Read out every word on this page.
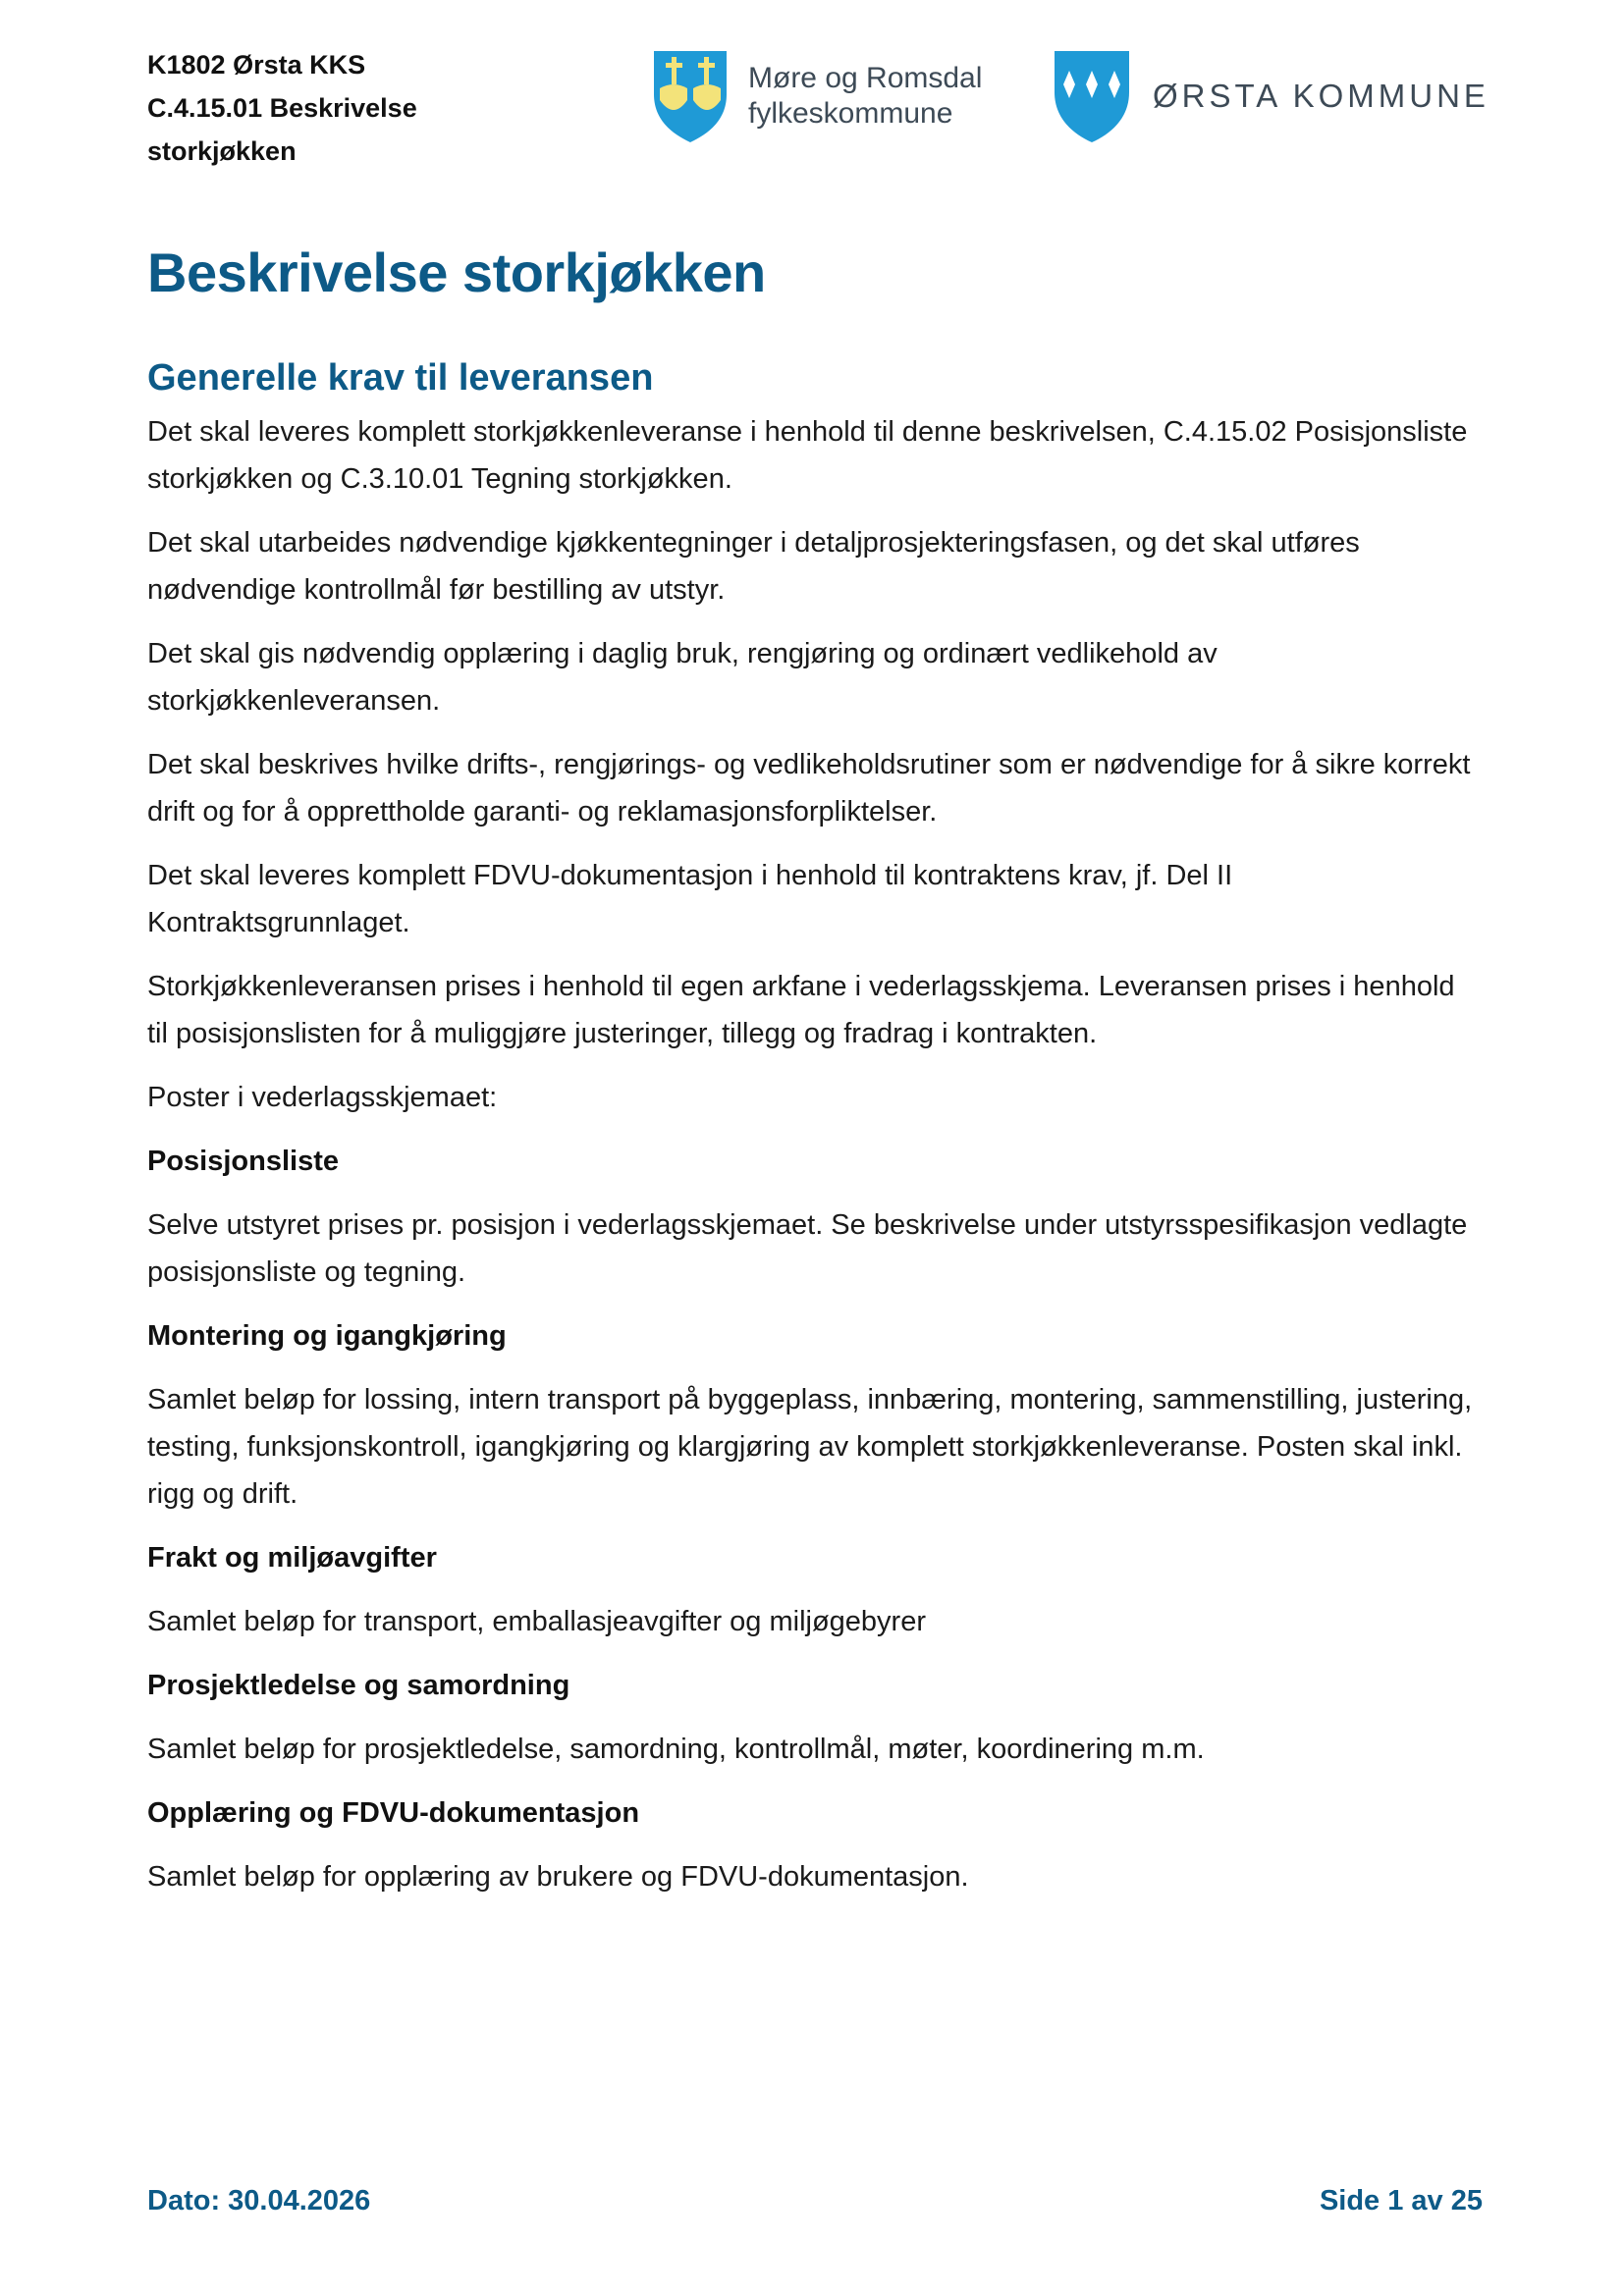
K1802 Ørsta KKS
C.4.15.01 Beskrivelse
storkjøkken
Møre og Romsdal
fylkeskommune	ØRSTA KOMMUNE
Beskrivelse storkjøkken
Generelle krav til leveransen

Det skal leveres komplett storkjøkkenleveranse i henhold til denne beskrivelsen, C.4.15.02 Posisjonsliste storkjøkken og C.3.10.01 Tegning storkjøkken.

Det skal utarbeides nødvendige kjøkkentegninger i detaljprosjekteringsfasen, og det skal utføres nødvendige kontrollmål før bestilling av utstyr.

Det skal gis nødvendig opplæring i daglig bruk, rengjøring og ordinært vedlikehold av storkjøkkenleveransen.

Det skal beskrives hvilke drifts-, rengjørings- og vedlikeholdsrutiner som er nødvendige for å sikre korrekt drift og for å opprettholde garanti- og reklamasjonsforpliktelser.

Det skal leveres komplett FDVU-dokumentasjon i henhold til kontraktens krav, jf. Del II Kontraktsgrunnlaget.

Storkjøkkenleveransen prises i henhold til egen arkfane i vederlagsskjema. Leveransen prises i henhold til posisjonslisten for å muliggjøre justeringer, tillegg og fradrag i kontrakten.

Poster i vederlagsskjemaet:

Posisjonsliste

Selve utstyret prises pr. posisjon i vederlagsskjemaet. Se beskrivelse under utstyrsspesifikasjon vedlagte posisjonsliste og tegning.

Montering og igangkjøring

Samlet beløp for lossing, intern transport på byggeplass, innbæring, montering, sammenstilling, justering, testing, funksjonskontroll, igangkjøring og klargjøring av komplett storkjøkkenleveranse. Posten skal inkl. rigg og drift.

Frakt og miljøavgifter

Samlet beløp for transport, emballasjeavgifter og miljøgebyrer

Prosjektledelse og samordning

Samlet beløp for prosjektledelse, samordning, kontrollmål, møter, koordinering m.m.

Opplæring og FDVU-dokumentasjon

Samlet beløp for opplæring av brukere og FDVU-dokumentasjon.

Dato: 30.04.2026	Side 1 av 25
